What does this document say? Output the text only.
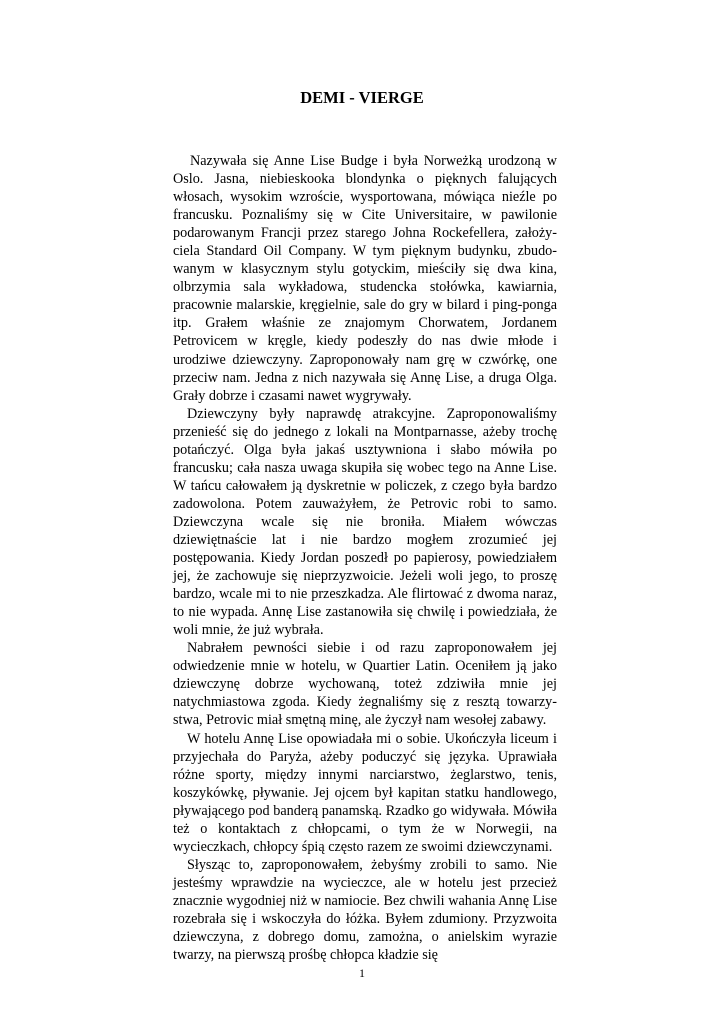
DEMI - VIERGE

Nazywała się Anne Lise Budge i była Norweżką urodzoną w Oslo. Jasna, niebieskooka blondynka o pięknych falujących włosach, wysokim wzroście, wysportowana, mówiąca nieźle po francusku. Poznaliśmy się w Cite Universitaire, w pawilonie podarowanym Francji przez starego Johna Rockefellera, założyciela Standard Oil Company. W tym pięknym budynku, zbudowanym w klasycznym stylu gotyckim, mieściły się dwa kina, olbrzymia sala wykładowa, studencka stołówka, kawiarnia, pracownie malarskie, kręgielnie, sale do gry w bilard i ping-ponga itp. Grałem właśnie ze znajomym Chorwatem, Jordanem Petrovicem w kręgle, kiedy podeszły do nas dwie młode i urodziwe dziewczyny. Zaproponowały nam grę w czwórkę, one przeciw nam. Jedna z nich nazywała się Annę Lise, a druga Olga. Grały dobrze i czasami nawet wygrywały.

Dziewczyny były naprawdę atrakcyjne. Zaproponowaliśmy przenieść się do jednego z lokali na Montparnasse, ażeby trochę potańczyć. Olga była jakaś usztywniona i słabo mówiła po francusku; cała nasza uwaga skupiła się wobec tego na Anne Lise. W tańcu całowałem ją dyskretnie w policzek, z czego była bardzo zadowolona. Potem zauważyłem, że Petrovic robi to samo. Dziewczyna wcale się nie broniła. Miałem wówczas dziewiętnaście lat i nie bardzo mogłem zrozumieć jej postępowania. Kiedy Jordan poszedł po papierosy, powiedziałem jej, że zachowuje się nieprzyzwoicie. Jeżeli woli jego, to proszę bardzo, wcale mi to nie przeszkadza. Ale flirtować z dwoma naraz, to nie wypada. Annę Lise zastanowiła się chwilę i powiedziała, że woli mnie, że już wybrała.

Nabrałem pewności siebie i od razu zaproponowałem jej odwiedzenie mnie w hotelu, w Quartier Latin. Oceniłem ją jako dziewczynę dobrze wychowaną, toteż zdziwiła mnie jej natychmiastowa zgoda. Kiedy żegnaliśmy się z resztą towarzystwa, Petrovic miał smętną minę, ale życzył nam wesołej zabawy.

W hotelu Annę Lise opowiadała mi o sobie. Ukończyła liceum i przyjechała do Paryża, ażeby poduczyć się języka. Uprawiała różne sporty, między innymi narciarstwo, żeglarstwo, tenis, koszykówkę, pływanie. Jej ojcem był kapitan statku handlowego, pływającego pod banderą panamską. Rzadko go widywała. Mówiła też o kontaktach z chłopcami, o tym że w Norwegii, na wycieczkach, chłopcy śpią często razem ze swoimi dziewczynami.

Słysząc to, zaproponowałem, żebyśmy zrobili to samo. Nie jesteśmy wprawdzie na wycieczce, ale w hotelu jest przecież znacznie wygodniej niż w namiocie. Bez chwili wahania Annę Lise rozebrała się i wskoczyła do łóżka. Byłem zdumiony. Przyzwoita dziewczyna, z dobrego domu, zamożna, o anielskim wyrazie twarzy, na pierwszą prośbę chłopca kładzie się

1
